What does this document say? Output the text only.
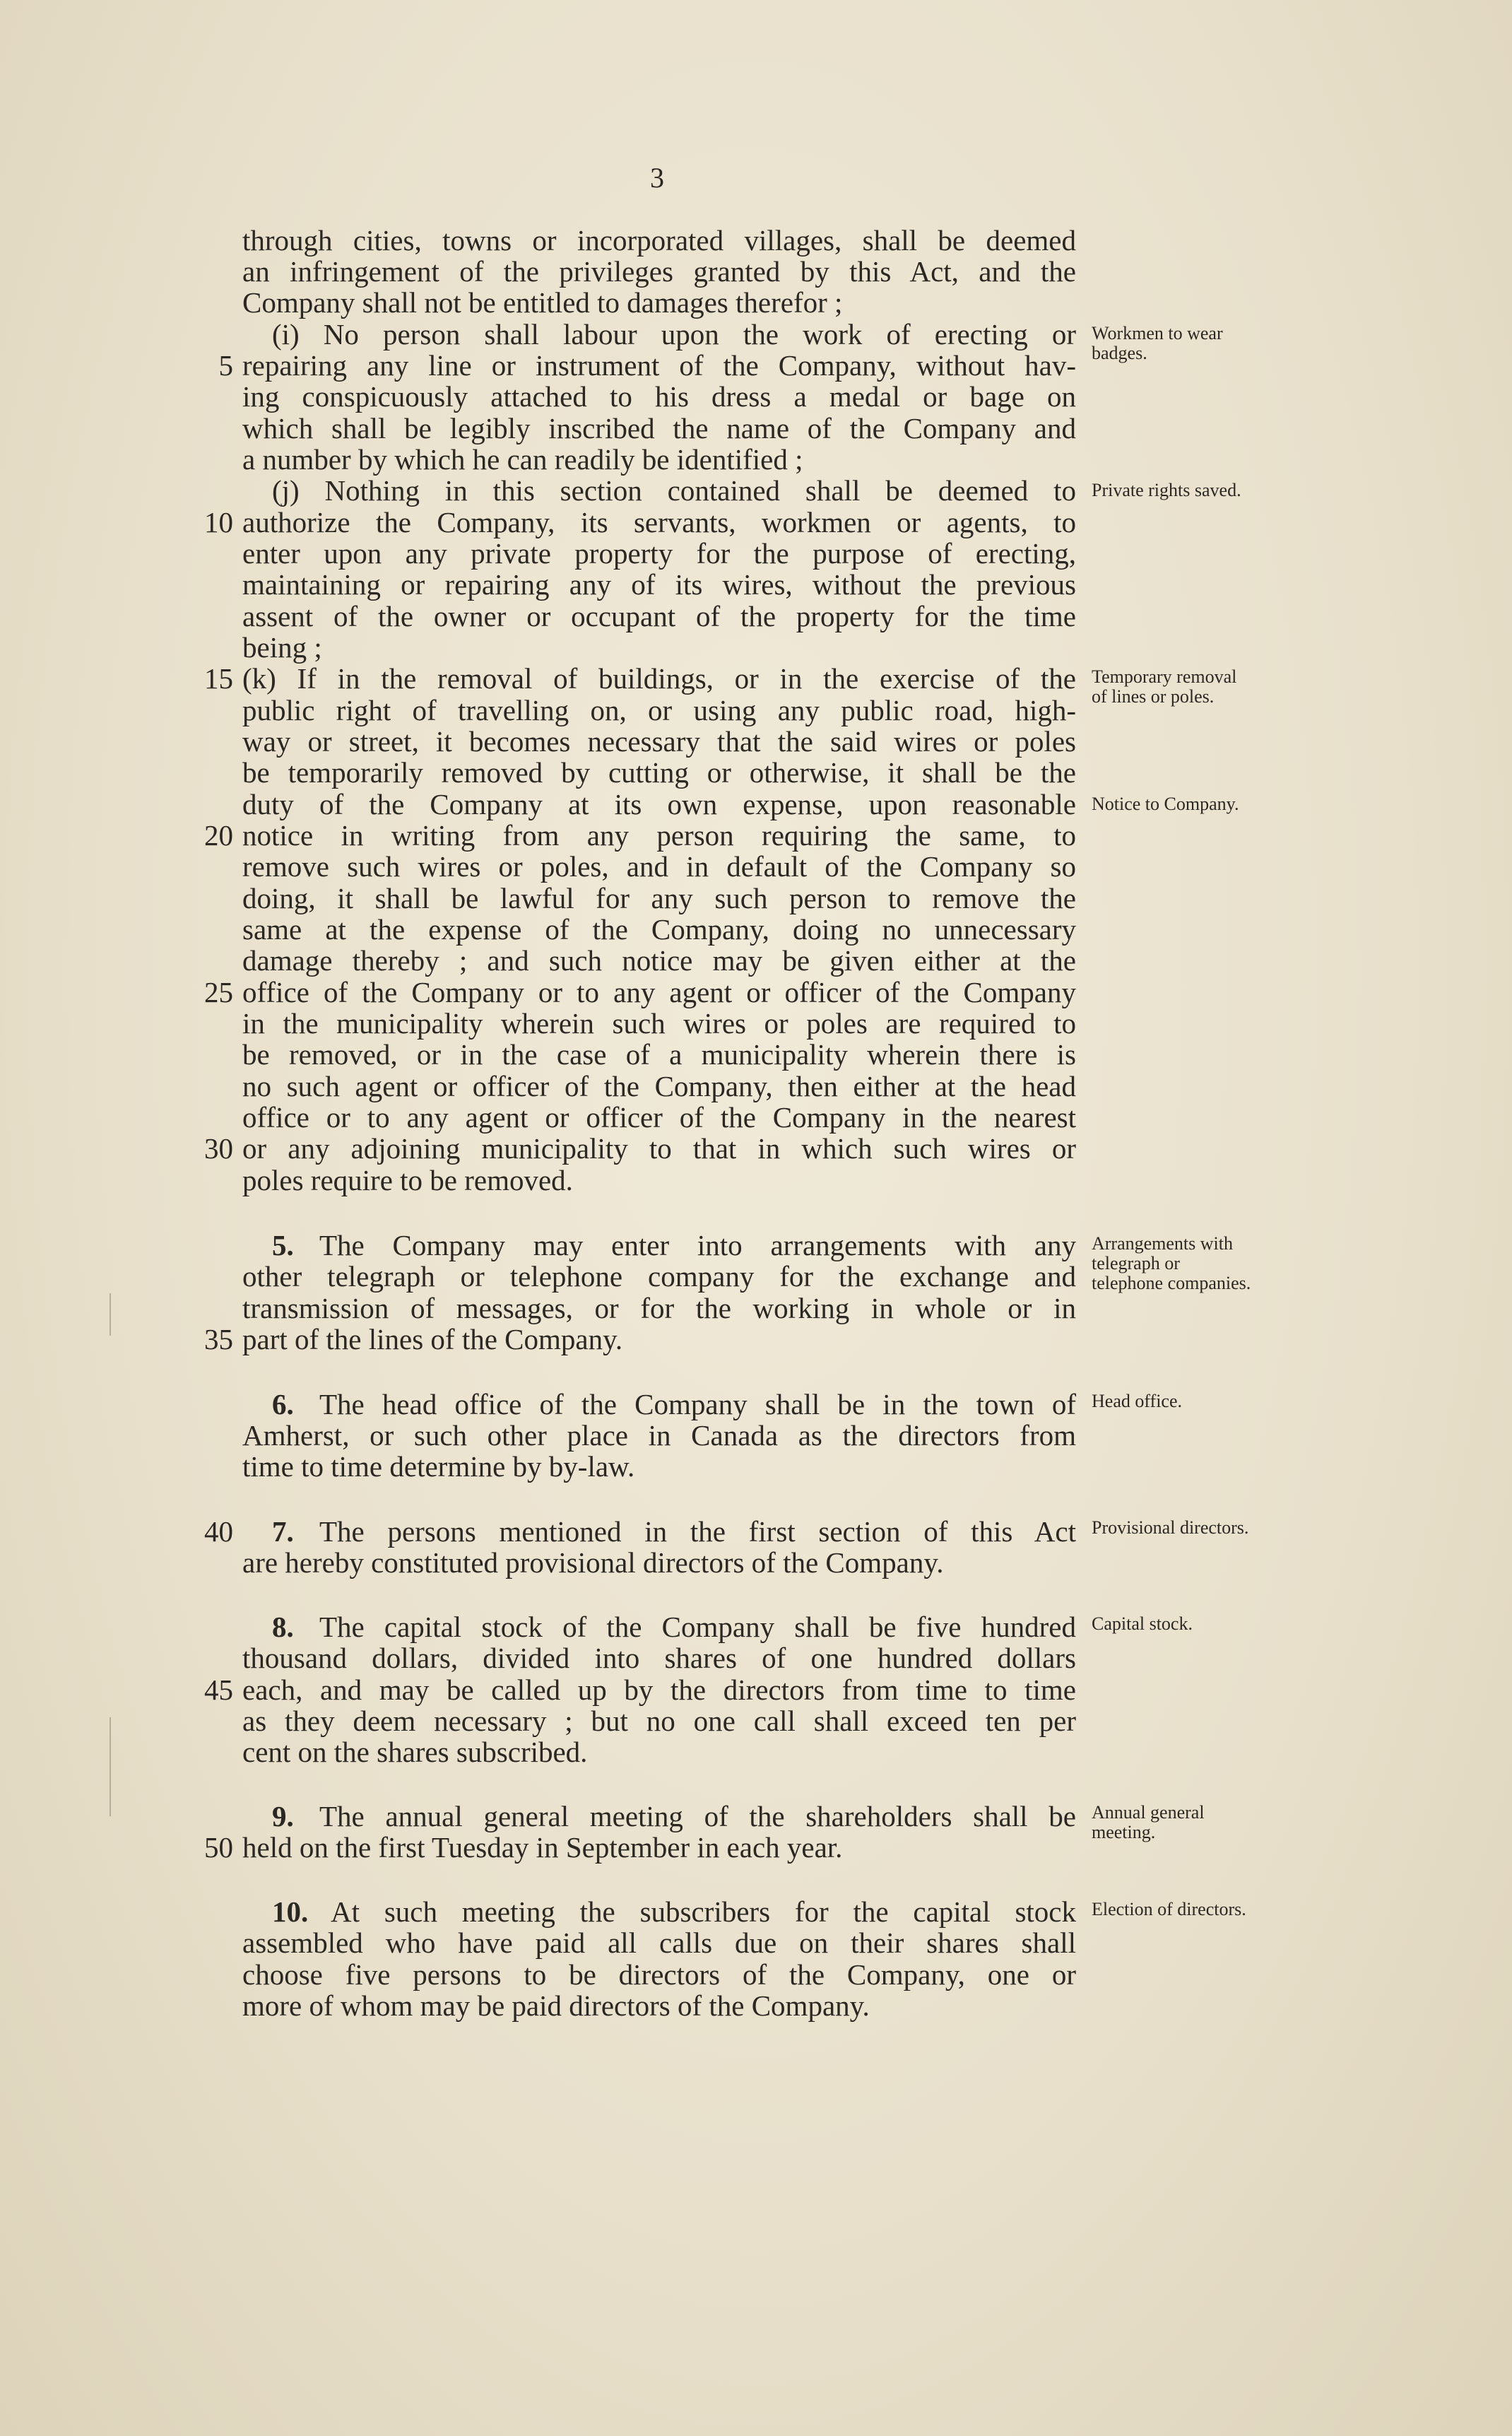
3
through cities, towns or incorporated villages, shall be deemed
an infringement of the privileges granted by this Act, and the
Company shall not be entitled to damages therefor ;
(i) No person shall labour upon the work of erecting or
repairing any line or instrument of the Company, without hav-
ing conspicuously attached to his dress a medal or bage on
which shall be legibly inscribed the name of the Company and
a number by which he can readily be identified ;
(j) Nothing in this section contained shall be deemed to
authorize the Company, its servants, workmen or agents, to
enter upon any private property for the purpose of erecting,
maintaining or repairing any of its wires, without the previous
assent of the owner or occupant of the property for the time
being ;
(k) If in the removal of buildings, or in the exercise of the
public right of travelling on, or using any public road, high-
way or street, it becomes necessary that the said wires or poles
be temporarily removed by cutting or otherwise, it shall be the
duty of the Company at its own expense, upon reasonable
notice in writing from any person requiring the same, to
remove such wires or poles, and in default of the Company so
doing, it shall be lawful for any such person to remove the
same at the expense of the Company, doing no unnecessary
damage thereby ; and such notice may be given either at the
office of the Company or to any agent or officer of the Company
in the municipality wherein such wires or poles are required to
be removed, or in the case of a municipality wherein there is
no such agent or officer of the Company, then either at the head
office or to any agent or officer of the Company in the nearest
or any adjoining municipality to that in which such wires or
poles require to be removed.
5. The Company may enter into arrangements with any
other telegraph or telephone company for the exchange and
transmission of messages, or for the working in whole or in
part of the lines of the Company.
6. The head office of the Company shall be in the town of
Amherst, or such other place in Canada as the directors from
time to time determine by by-law.
7. The persons mentioned in the first section of this Act
are hereby constituted provisional directors of the Company.
8. The capital stock of the Company shall be five hundred
thousand dollars, divided into shares of one hundred dollars
each, and may be called up by the directors from time to time
as they deem necessary ; but no one call shall exceed ten per
cent on the shares subscribed.
9. The annual general meeting of the shareholders shall be
held on the first Tuesday in September in each year.
10. At such meeting the subscribers for the capital stock
assembled who have paid all calls due on their shares shall
choose five persons to be directors of the Company, one or
more of whom may be paid directors of the Company.
5
10
15
20
25
30
35
40
45
50
Workmen to wear badges.
Private rights saved.
Temporary removal of lines or poles.
Notice to Company.
Arrangements with telegraph or telephone companies.
Head office.
Provisional directors.
Capital stock.
Annual general meeting.
Election of directors.
